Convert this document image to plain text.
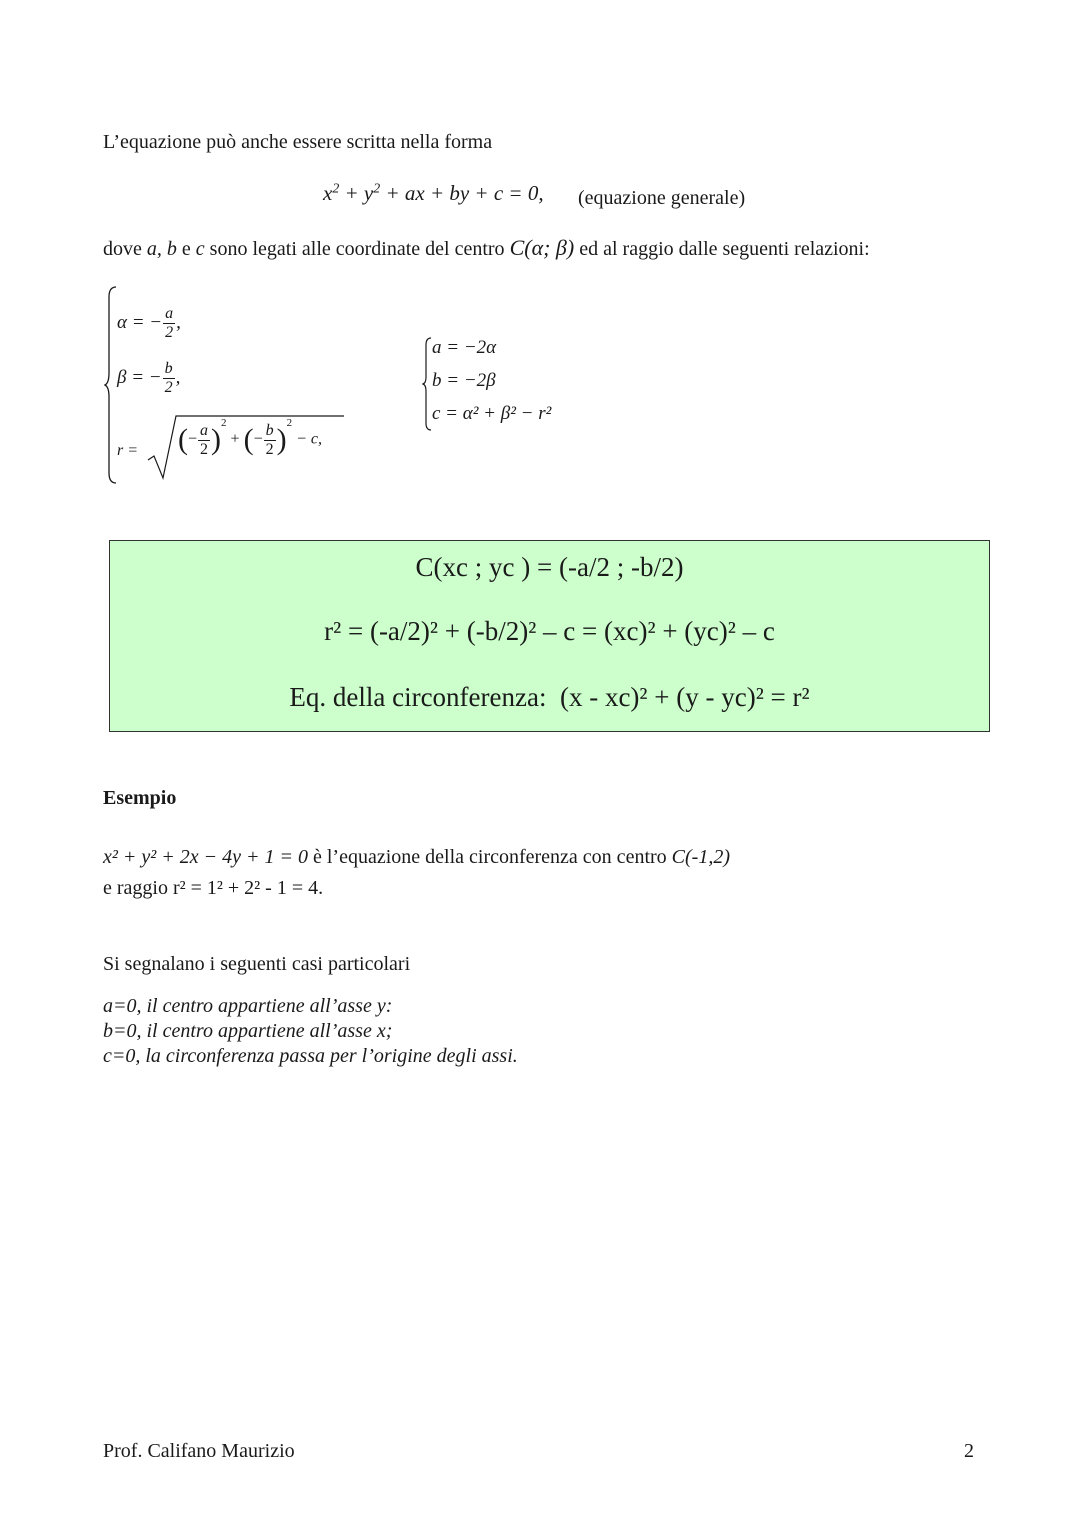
L’equazione può anche essere scritta nella forma
$x^2 + y^2$ + ax + by + c = 0, (equazione generale)
dove a, b e c sono legati alle coordinate del centro C(α; β) ed al raggio dalle seguenti relazioni:
α = − $\frac{a}{2}$ ,
β = − $\frac{b}{2}$ ,
r = (− $\frac{a}{2} )^2$ + (− $\frac{b}{2} )^2 - c$,
a = −2α
b = −2β
c = α² + β² − r²
C(xc ; yc ) = (-a/2 ; -b/2)
r² = (-a/2)² + (-b/2)² – c = (xc)² + (yc)² – c
Eq. della circonferenza: (x - xc)² + (y - yc)² = r²
Esempio
x² + y² + 2x − 4y + 1 = 0 è l’equazione della circonferenza con centro C(-1,2)
e raggio r² = 1² + 2² - 1 = 4.
Si segnalano i seguenti casi particolari
a=0, il centro appartiene all’asse y:
b=0, il centro appartiene all’asse x;
c=0, la circonferenza passa per l’origine degli assi.
Prof. Califano Maurizio	2
